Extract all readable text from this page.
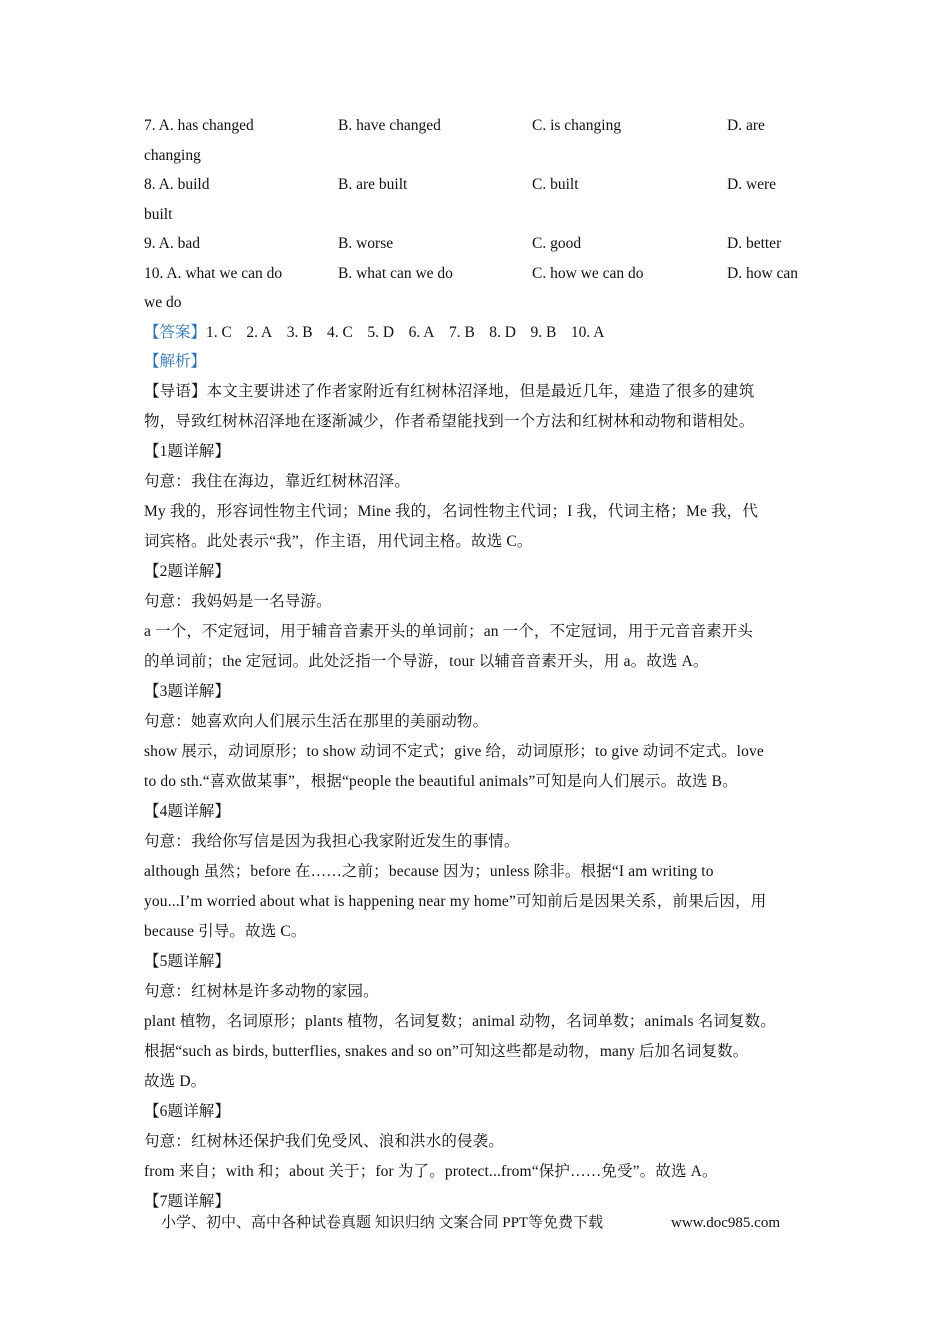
7. A. has changed	B. have changed	C. is changing	D. are
changing
8. A. build	B. are built	C. built	D. were
built
9. A. bad	B. worse	C. good	D. better
10. A. what we can do	B. what can we do	C. how we can do	D. how can
we do
【答案】1. C 2. A 3. B 4. C 5. D 6. A 7. B 8. D 9. B 10. A
【解析】
【导语】本文主要讲述了作者家附近有红树林沼泽地，但是最近几年，建造了很多的建筑
物，导致红树林沼泽地在逐渐减少，作者希望能找到一个方法和红树林和动物和谐相处。
【1题详解】
句意：我住在海边，靠近红树林沼泽。
My 我的，形容词性物主代词；Mine 我的，名词性物主代词；I 我，代词主格；Me 我，代
词宾格。此处表示“我”，作主语，用代词主格。故选 C。
【2题详解】
句意：我妈妈是一名导游。
a 一个，不定冠词，用于辅音音素开头的单词前；an 一个，不定冠词，用于元音音素开头
的单词前；the 定冠词。此处泛指一个导游，tour 以辅音音素开头，用 a。故选 A。
【3题详解】
句意：她喜欢向人们展示生活在那里的美丽动物。
show 展示，动词原形；to show 动词不定式；give 给，动词原形；to give 动词不定式。love
to do sth.“喜欢做某事”，根据“people the beautiful animals”可知是向人们展示。故选 B。
【4题详解】
句意：我给你写信是因为我担心我家附近发生的事情。
although 虽然；before 在……之前；because 因为；unless 除非。根据“I am writing to
you...I’m worried about what is happening near my home”可知前后是因果关系，前果后因，用
because 引导。故选 C。
【5题详解】
句意：红树林是许多动物的家园。
plant 植物，名词原形；plants 植物，名词复数；animal 动物，名词单数；animals 名词复数。
根据“such as birds, butterflies, snakes and so on”可知这些都是动物，many 后加名词复数。
故选 D。
【6题详解】
句意：红树林还保护我们免受风、浪和洪水的侵袭。
from 来自；with 和；about 关于；for 为了。protect...from“保护……免受”。故选 A。
【7题详解】
小学、初中、高中各种试卷真题 知识归纳 文案合同 PPT等免费下载	www.doc985.com
